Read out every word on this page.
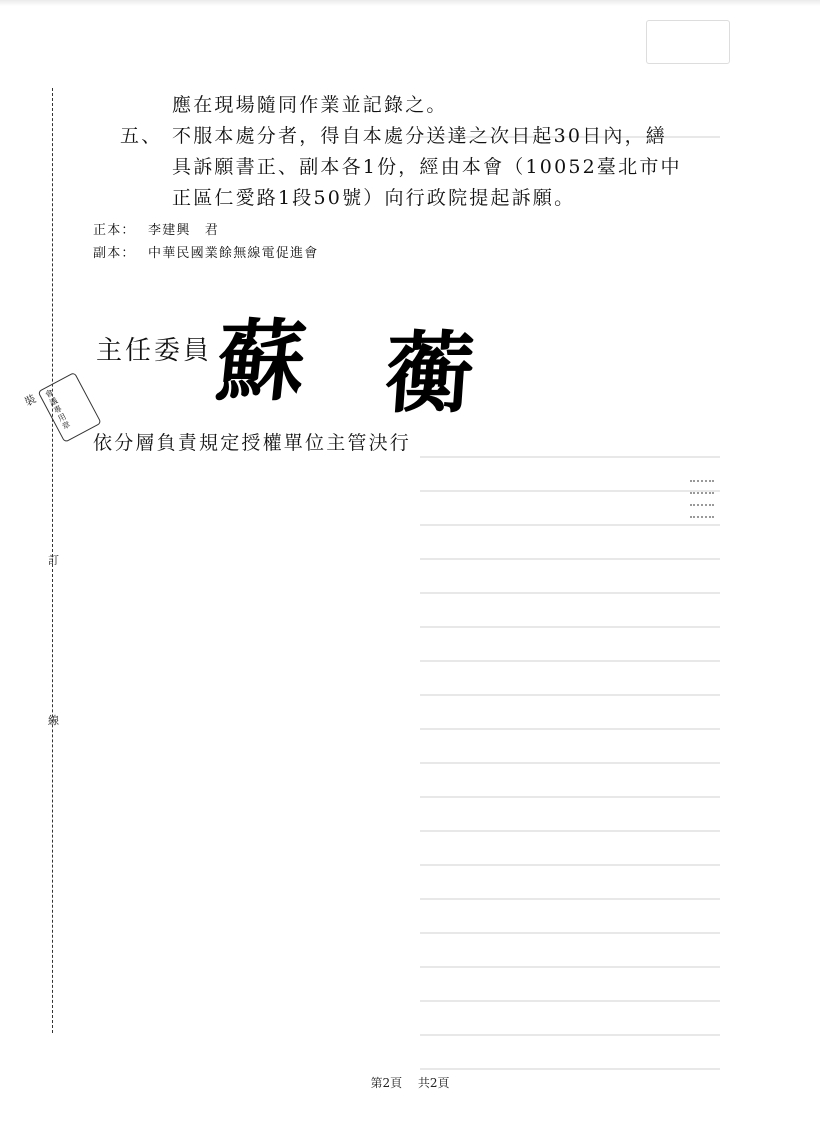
訂
線
裝 會議專用章
應在現場隨同作業並記錄之。
五、 不服本處分者，得自本處分送達之次日起30日內，繕
具訴願書正、副本各1份，經由本會（10052臺北市中
正區仁愛路1段50號）向行政院提起訴願。
正本： 李建興　君
副本： 中華民國業餘無線電促進會
主任委員 蘇 蘅
依分層負責規定授權單位主管決行
第2頁 共2頁
